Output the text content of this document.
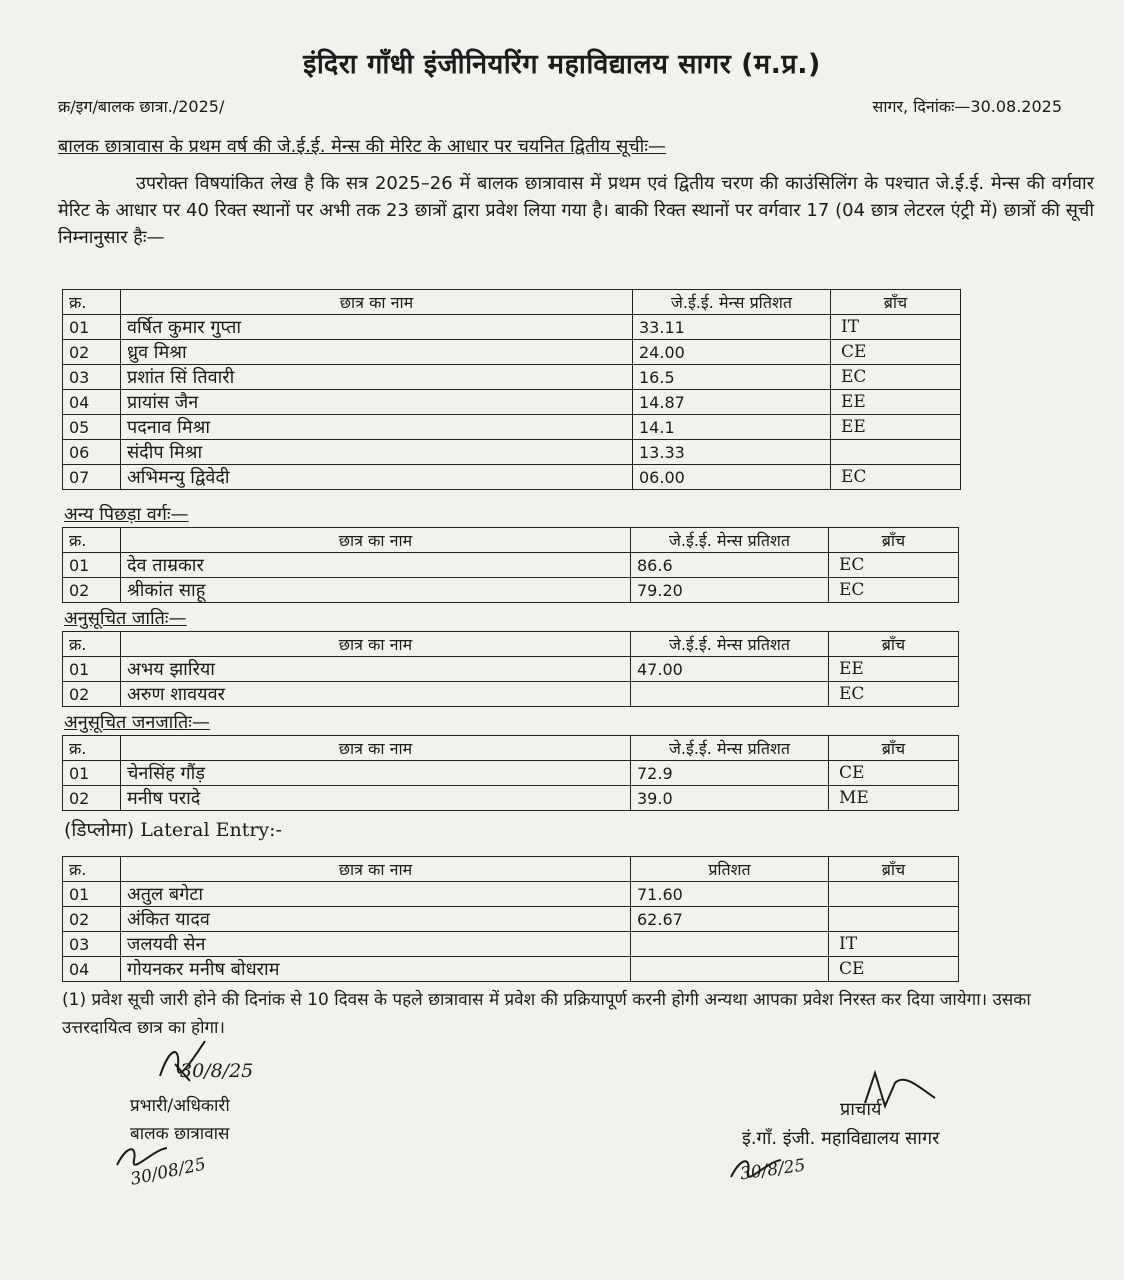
इंदिरा गाँधी इंजीनियरिंग महाविद्यालय सागर (म.प्र.)
क्र/इग/बालक छात्रा./2025/	सागर, दिनांकः—30.08.2025
बालक छात्रावास के प्रथम वर्ष की जे.ई.ई. मेन्स की मेरिट के आधार पर चयनित द्वितीय सूचीः—
उपरोक्त विषयांकित लेख है कि सत्र 2025–26 में बालक छात्रावास में प्रथम एवं द्वितीय चरण की काउंसिलिंग के पश्चात जे.ई.ई. मेन्स की वर्गवार मेरिट के आधार पर 40 रिक्त स्थानों पर अभी तक 23 छात्रों द्वारा प्रवेश लिया गया है। बाकी रिक्त स्थानों पर वर्गवार 17 (04 छात्र लेटरल एंट्री में) छात्रों की सूची निम्नानुसार हैः—
क्र.	छात्र का नाम	जे.ई.ई. मेन्स प्रतिशत	ब्रॉंच
01	वर्षित कुमार गुप्ता	33.11	IT
02	ध्रुव मिश्रा	24.00	CE
03	प्रशांत सिं तिवारी	16.5	EC
04	प्रायांस जैन	14.87	EE
05	पदनाव मिश्रा	14.1	EE
06	संदीप मिश्रा	13.33	
07	अभिमन्यु द्विवेदी	06.00	EC
अन्य पिछड़ा वर्गः—
क्र.	छात्र का नाम	जे.ई.ई. मेन्स प्रतिशत	ब्रॉंच
01	देव ताम्रकार	86.6	EC
02	श्रीकांत साहू	79.20	EC
अनुसूचित जातिः—
क्र.	छात्र का नाम	जे.ई.ई. मेन्स प्रतिशत	ब्रॉंच
01	अभय झारिया	47.00	EE
02	अरुण शावयवर		EC
अनुसूचित जनजातिः—
क्र.	छात्र का नाम	जे.ई.ई. मेन्स प्रतिशत	ब्रॉंच
01	चेनसिंह गौंड़	72.9	CE
02	मनीष परादे	39.0	ME
(डिप्लोमा) Lateral Entry:-
क्र.	छात्र का नाम	प्रतिशत	ब्रॉंच
01	अतुल बगेटा	71.60	
02	अंकित यादव	62.67	
03	जलयवी सेन		IT
04	गोयनकर मनीष बोधराम		CE
(1) प्रवेश सूची जारी होने की दिनांक से 10 दिवस के पहले छात्रावास में प्रवेश की प्रक्रियापूर्ण करनी होगी अन्यथा आपका प्रवेश निरस्त कर दिया जायेगा। उसका उत्तरदायित्व छात्र का होगा।
30/8/25
प्रभारी/अधिकारी
बालक छात्रावास
30/08/25
प्राचार्य
इं.गाँ. इंजी. महाविद्यालय सागर
30/8/25
